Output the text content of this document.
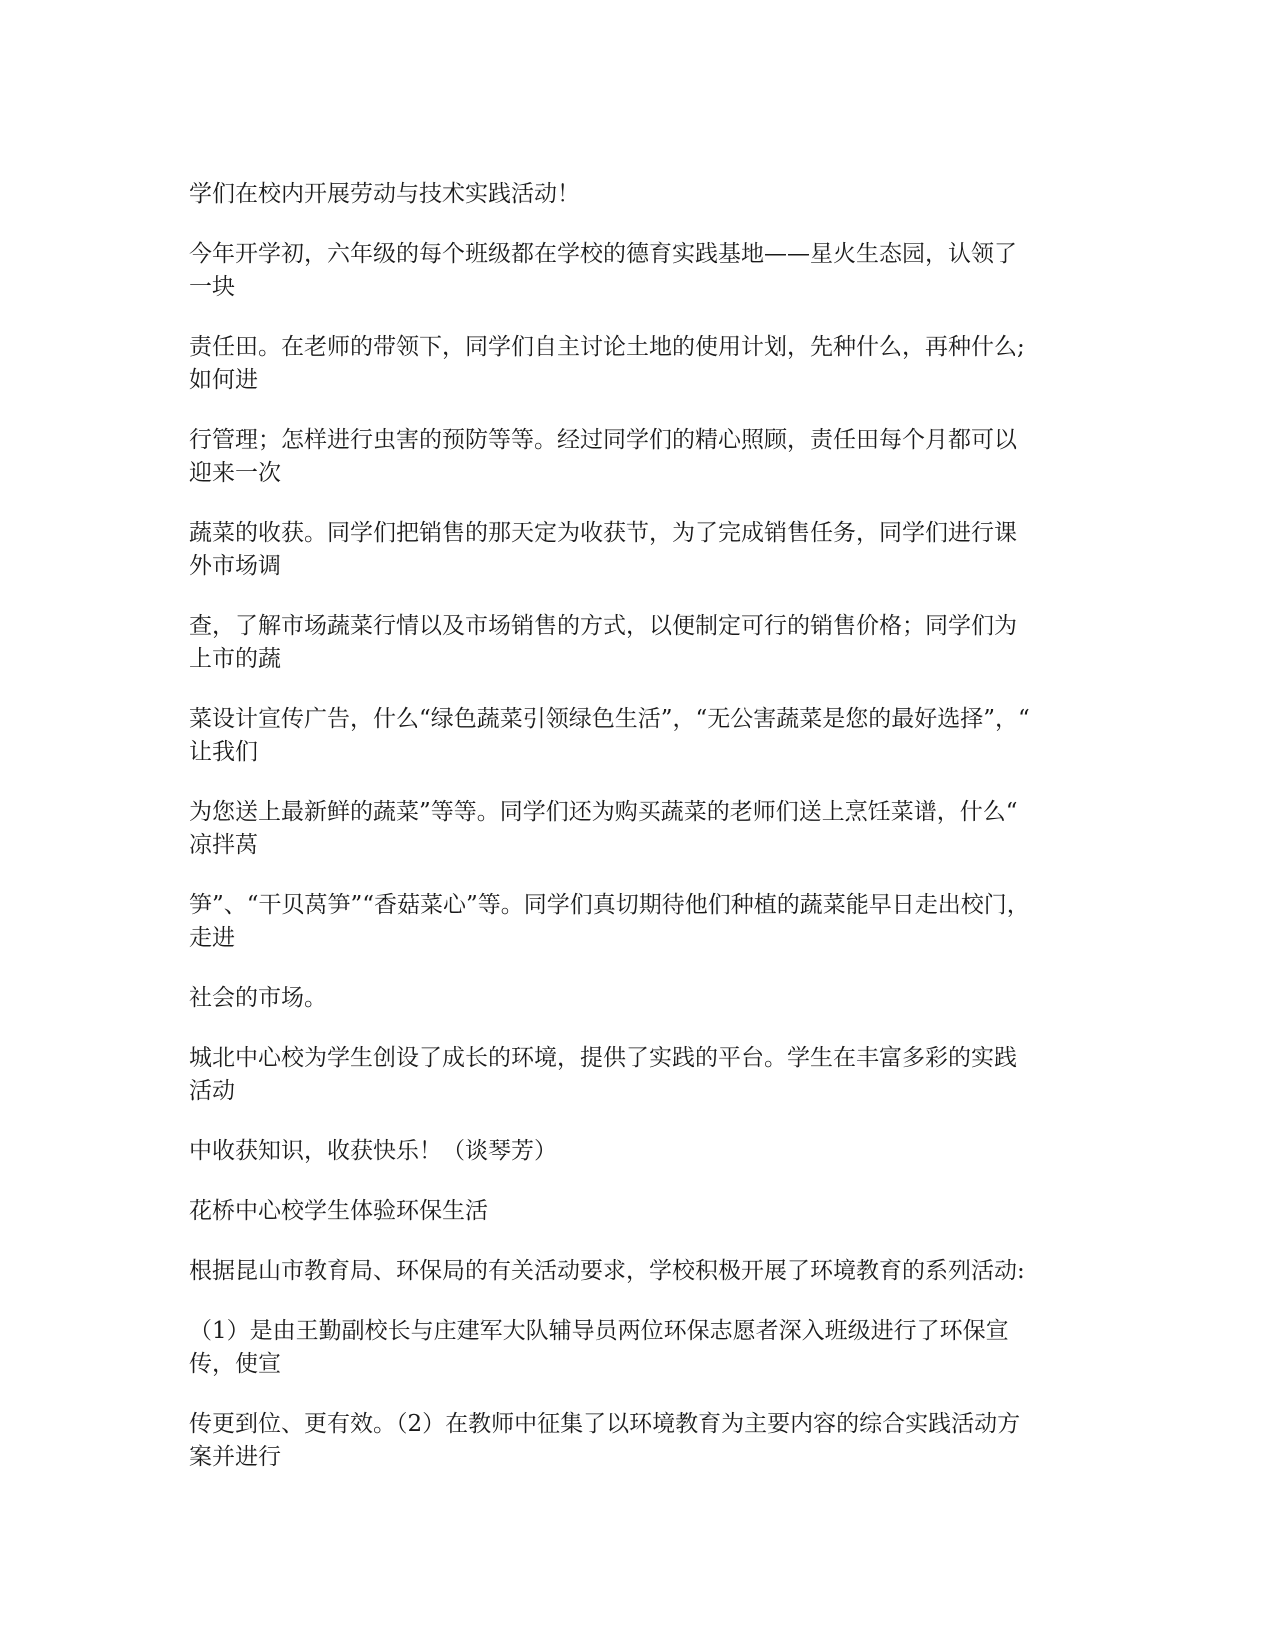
学们在校内开展劳动与技术实践活动！

今年开学初，六年级的每个班级都在学校的德育实践基地——星火生态园，认领了
一块

责任田。在老师的带领下，同学们自主讨论土地的使用计划，先种什么，再种什么;
如何进

行管理；怎样进行虫害的预防等等。经过同学们的精心照顾，责任田每个月都可以
迎来一次

蔬菜的收获。同学们把销售的那天定为收获节，为了完成销售任务，同学们进行课
外市场调

查，了解市场蔬菜行情以及市场销售的方式，以便制定可行的销售价格；同学们为
上市的蔬

菜设计宣传广告，什么“绿色蔬菜引领绿色生活”，“无公害蔬菜是您的最好选择”，“
让我们

为您送上最新鲜的蔬菜”等等。同学们还为购买蔬菜的老师们送上烹饪菜谱，什么“
凉拌莴

笋”、“干贝莴笋”“香菇菜心”等。同学们真切期待他们种植的蔬菜能早日走出校门，
走进

社会的市场。

城北中心校为学生创设了成长的环境，提供了实践的平台。学生在丰富多彩的实践
活动

中收获知识，收获快乐！（谈琴芳）

花桥中心校学生体验环保生活

根据昆山市教育局、环保局的有关活动要求，学校积极开展了环境教育的系列活动:

（1）是由王勤副校长与庄建军大队辅导员两位环保志愿者深入班级进行了环保宣
传，使宣

传更到位、更有效。（2）在教师中征集了以环境教育为主要内容的综合实践活动方
案并进行
